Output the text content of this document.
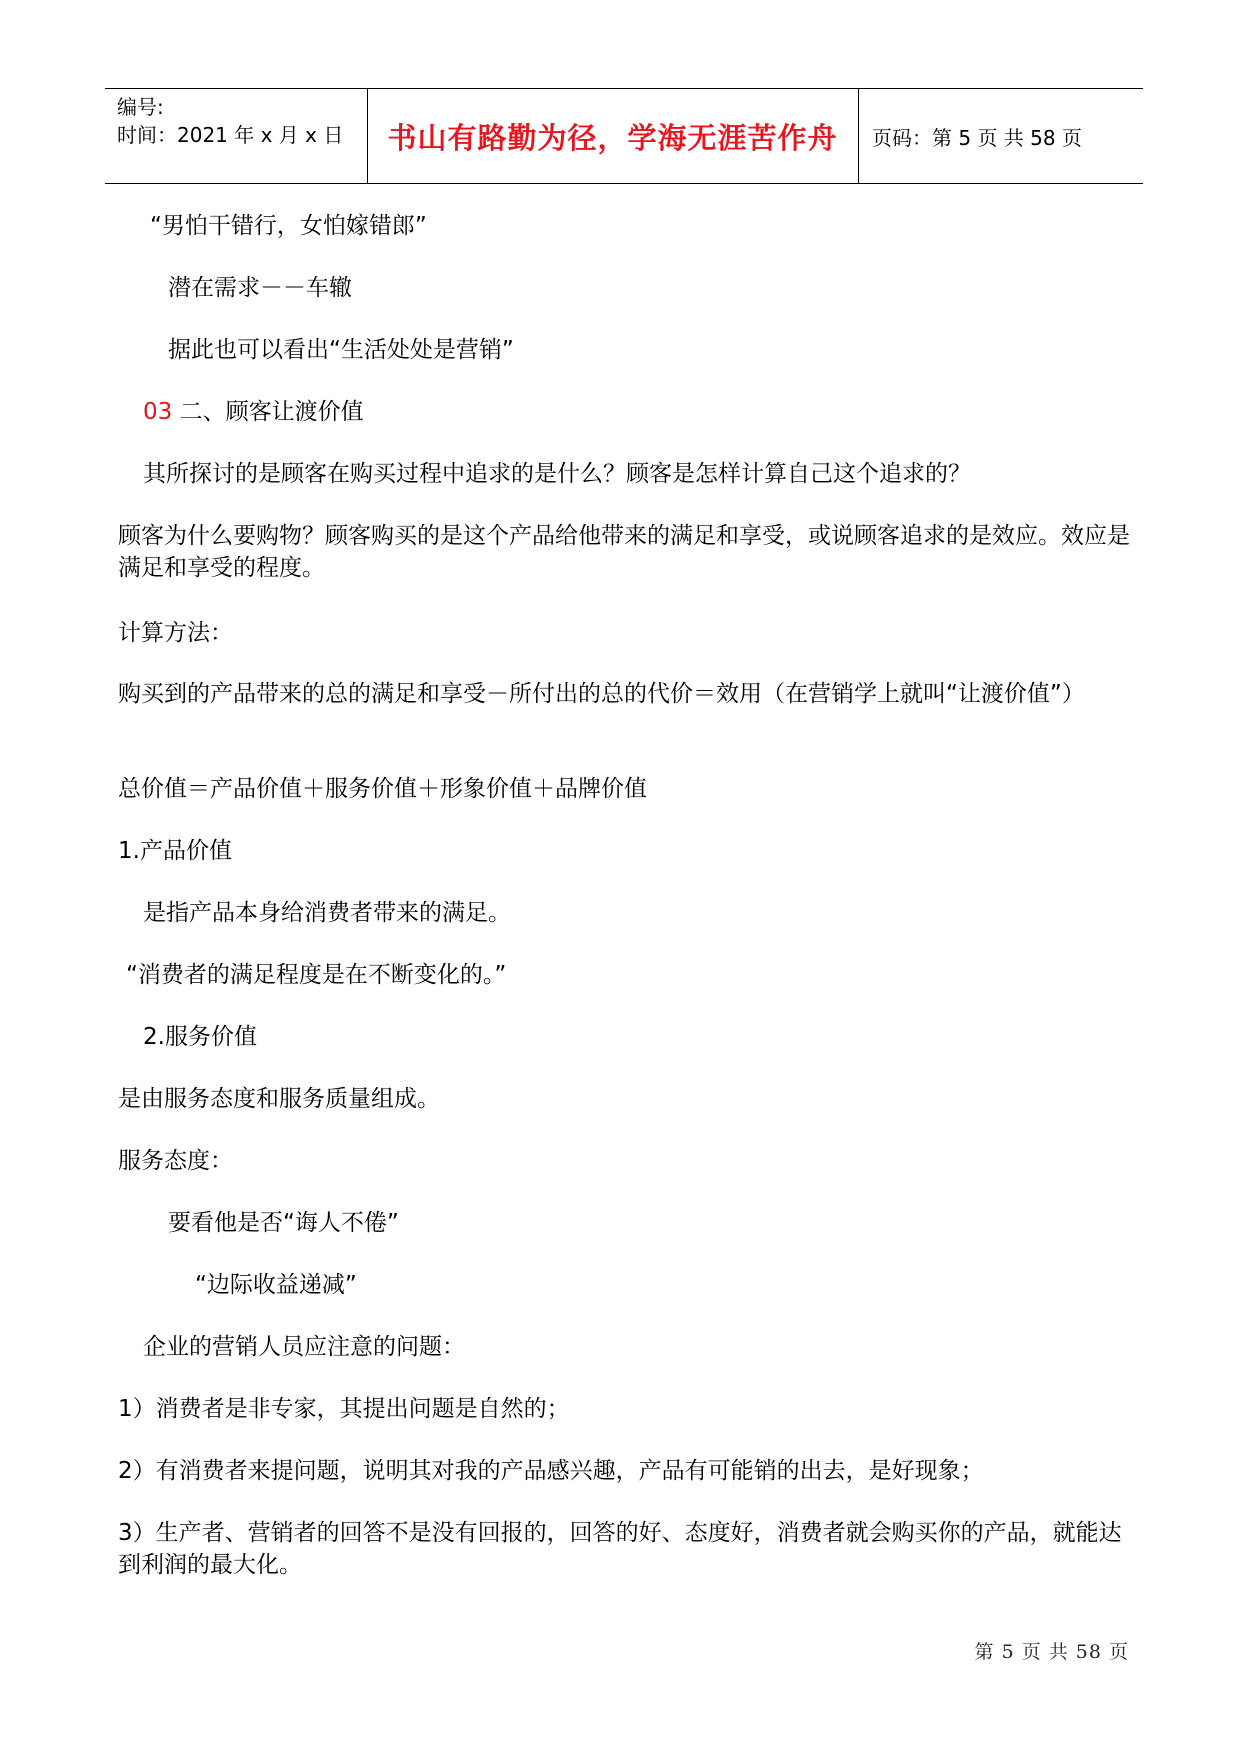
编号:
时间：2021 年 x 月 x 日 书山有路勤为径，学海无涯苦作舟 页码：第 5 页 共 58 页
“男怕干错行，女怕嫁错郎”
潜在需求－－车辙
据此也可以看出“生活处处是营销”
03 二、顾客让渡价值
其所探讨的是顾客在购买过程中追求的是什么？顾客是怎样计算自己这个追求的？
顾客为什么要购物？顾客购买的是这个产品给他带来的满足和享受，或说顾客追求的是效应。效应是满足和享受的程度。
计算方法：
购买到的产品带来的总的满足和享受－所付出的总的代价＝效用（在营销学上就叫“让渡价值”）
总价值＝产品价值＋服务价值＋形象价值＋品牌价值
1.产品价值
是指产品本身给消费者带来的满足。
“消费者的满足程度是在不断变化的。”
2.服务价值
是由服务态度和服务质量组成。
服务态度：
要看他是否“诲人不倦”
“边际收益递减”
企业的营销人员应注意的问题：
1）消费者是非专家，其提出问题是自然的；
2）有消费者来提问题，说明其对我的产品感兴趣，产品有可能销的出去，是好现象；
3）生产者、营销者的回答不是没有回报的，回答的好、态度好，消费者就会购买你的产品，就能达到利润的最大化。
第 5 页 共 58 页
